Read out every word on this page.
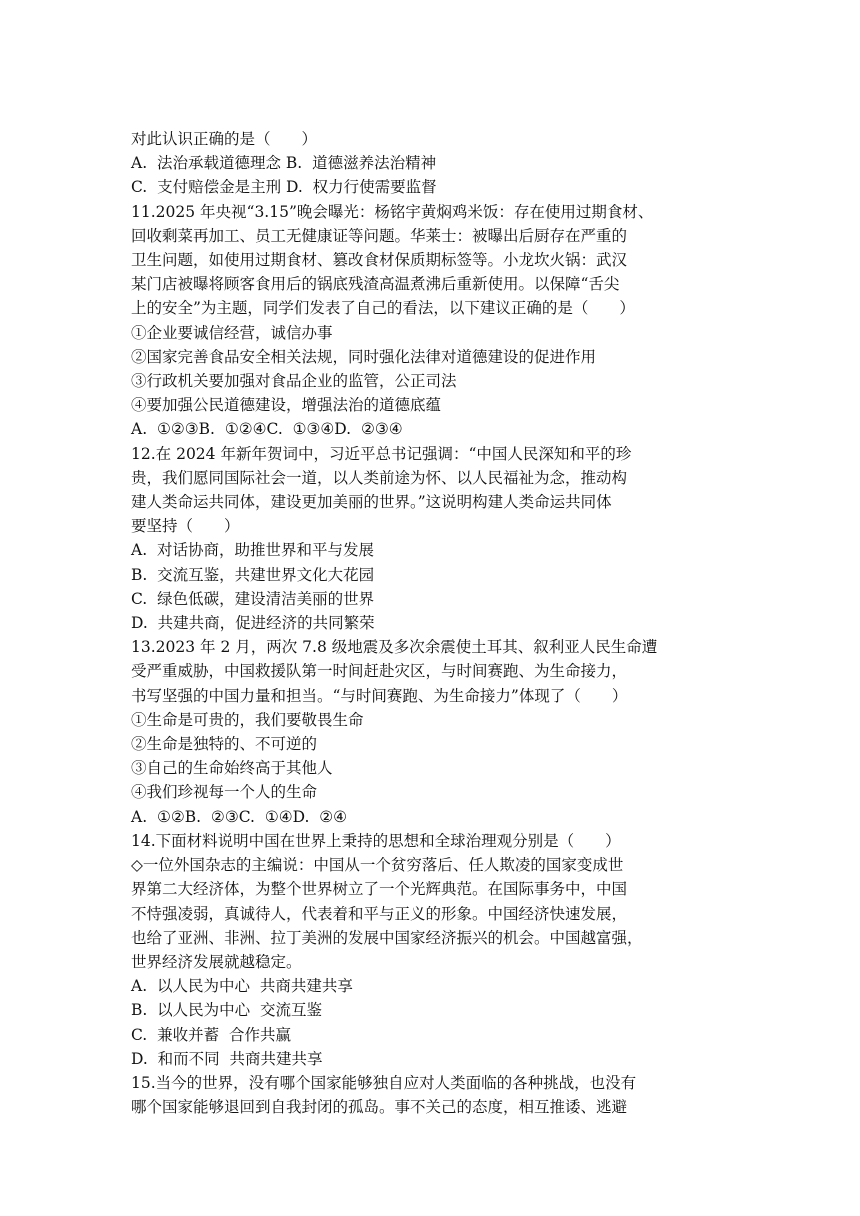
对此认识正确的是（　　）

A.  法治承载道德理念 B.  道德滋养法治精神

C.  支付赔偿金是主刑 D.  权力行使需要监督

11.2025 年央视“3.15”晚会曝光：杨铭宇黄焖鸡米饭：存在使用过期食材、

回收剩菜再加工、员工无健康证等问题。华莱士：被曝出后厨存在严重的

卫生问题，如使用过期食材、篡改食材保质期标签等。小龙坎火锅：武汉

某门店被曝将顾客食用后的锅底残渣高温煮沸后重新使用。以保障“舌尖

上的安全”为主题，同学们发表了自己的看法，以下建议正确的是（　　）

①企业要诚信经营，诚信办事

②国家完善食品安全相关法规，同时强化法律对道德建设的促进作用

③行政机关要加强对食品企业的监管，公正司法

④要加强公民道德建设，增强法治的道德底蕴

A.  ①②③B.  ①②④C.  ①③④D.  ②③④

12.在 2024 年新年贺词中，习近平总书记强调：“中国人民深知和平的珍

贵，我们愿同国际社会一道，以人类前途为怀、以人民福祉为念，推动构

建人类命运共同体，建设更加美丽的世界。”这说明构建人类命运共同体

要坚持（　　）

A.  对话协商，助推世界和平与发展

B.  交流互鉴，共建世界文化大花园

C.  绿色低碳，建设清洁美丽的世界

D.  共建共商，促进经济的共同繁荣

13.2023 年 2 月，两次 7.8 级地震及多次余震使土耳其、叙利亚人民生命遭

受严重威胁，中国救援队第一时间赶赴灾区，与时间赛跑、为生命接力，

书写坚强的中国力量和担当。“与时间赛跑、为生命接力”体现了（　　）

①生命是可贵的，我们要敬畏生命

②生命是独特的、不可逆的

③自己的生命始终高于其他人

④我们珍视每一个人的生命

A.  ①②B.  ②③C.  ①④D.  ②④

14.下面材料说明中国在世界上秉持的思想和全球治理观分别是（　　）

◇一位外国杂志的主编说：中国从一个贫穷落后、任人欺凌的国家变成世

界第二大经济体，为整个世界树立了一个光辉典范。在国际事务中，中国

不恃强凌弱，真诚待人，代表着和平与正义的形象。中国经济快速发展，

也给了亚洲、非洲、拉丁美洲的发展中国家经济振兴的机会。中国越富强，

世界经济发展就越稳定。

A.  以人民为中心  共商共建共享

B.  以人民为中心  交流互鉴

C.  兼收并蓄  合作共赢

D.  和而不同  共商共建共享

15.当今的世界，没有哪个国家能够独自应对人类面临的各种挑战，也没有

哪个国家能够退回到自我封闭的孤岛。事不关己的态度，相互推诿、逃避
